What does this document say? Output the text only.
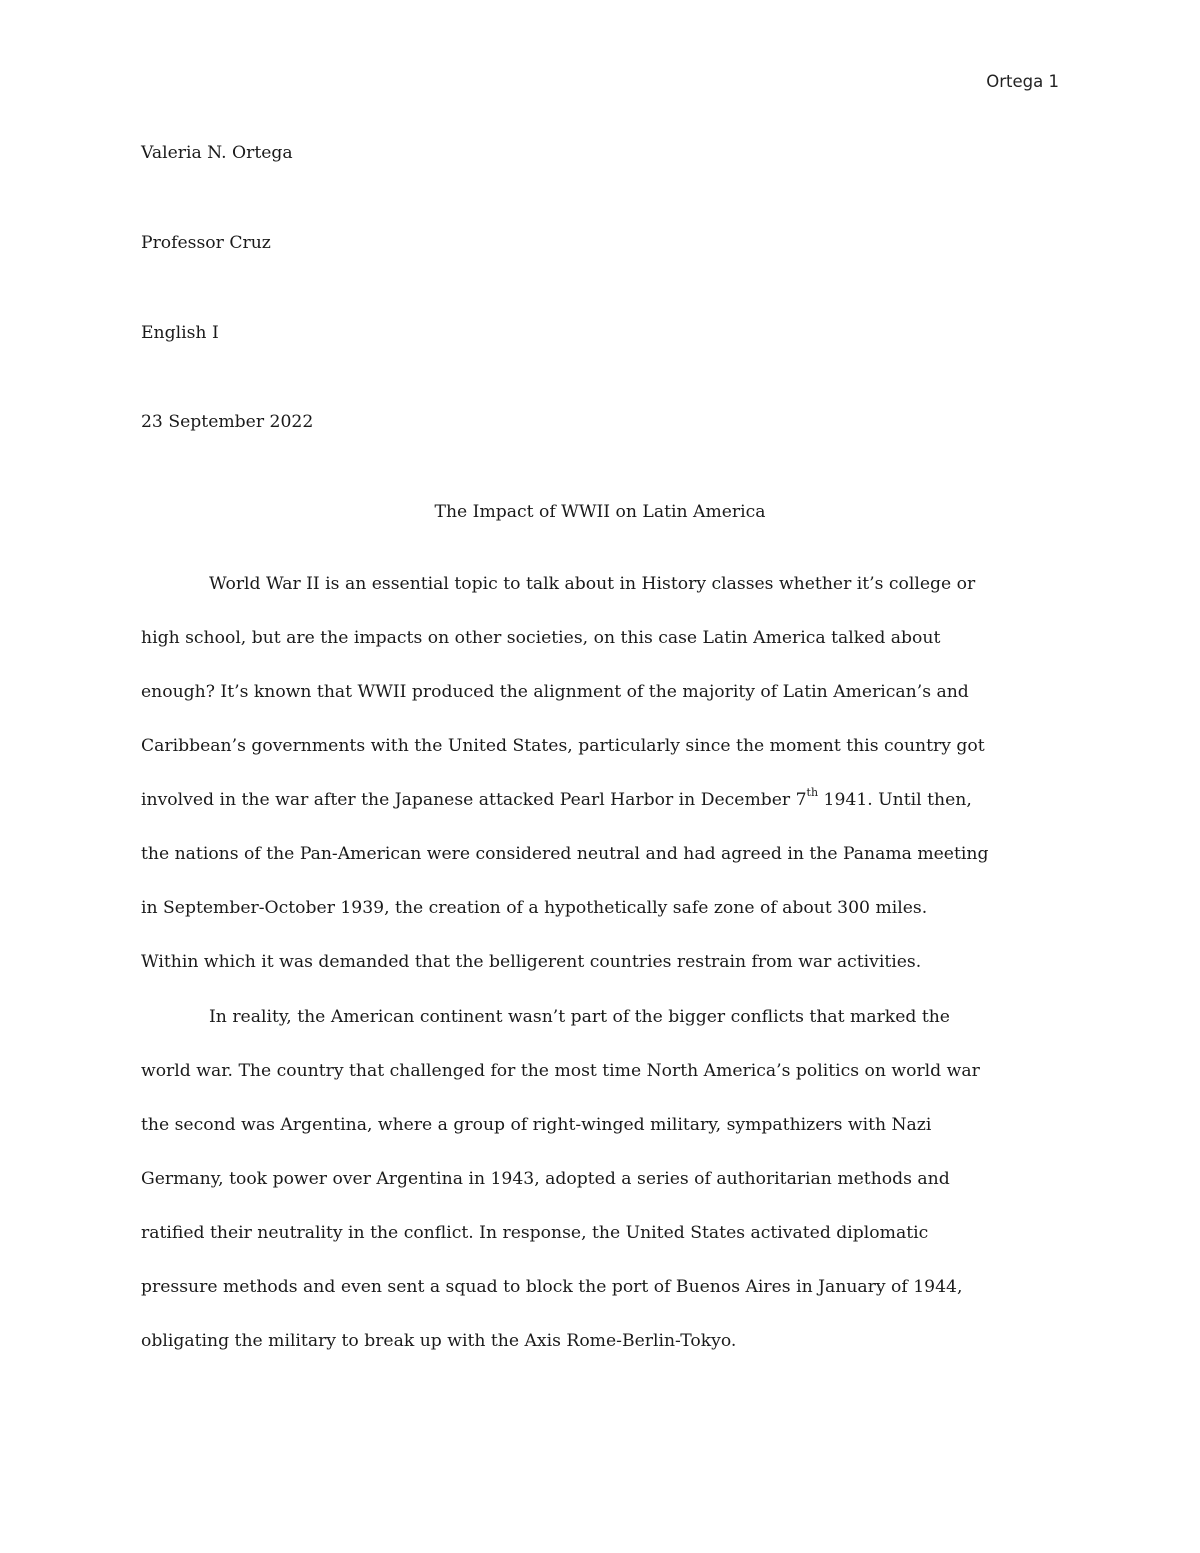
Ortega 1
Valeria N. Ortega
Professor Cruz
English I
23 September 2022
The Impact of WWII on Latin America
World War II is an essential topic to talk about in History classes whether it’s college or
high school, but are the impacts on other societies, on this case Latin America talked about
enough? It’s known that WWII produced the alignment of the majority of Latin American’s and
Caribbean’s governments with the United States, particularly since the moment this country got
involved in the war after the Japanese attacked Pearl Harbor in December 7th 1941. Until then,
the nations of the Pan-American were considered neutral and had agreed in the Panama meeting
in September-October 1939, the creation of a hypothetically safe zone of about 300 miles.
Within which it was demanded that the belligerent countries restrain from war activities.
In reality, the American continent wasn’t part of the bigger conflicts that marked the
world war. The country that challenged for the most time North America’s politics on world war
the second was Argentina, where a group of right-winged military, sympathizers with Nazi
Germany, took power over Argentina in 1943, adopted a series of authoritarian methods and
ratified their neutrality in the conflict. In response, the United States activated diplomatic
pressure methods and even sent a squad to block the port of Buenos Aires in January of 1944,
obligating the military to break up with the Axis Rome-Berlin-Tokyo.
